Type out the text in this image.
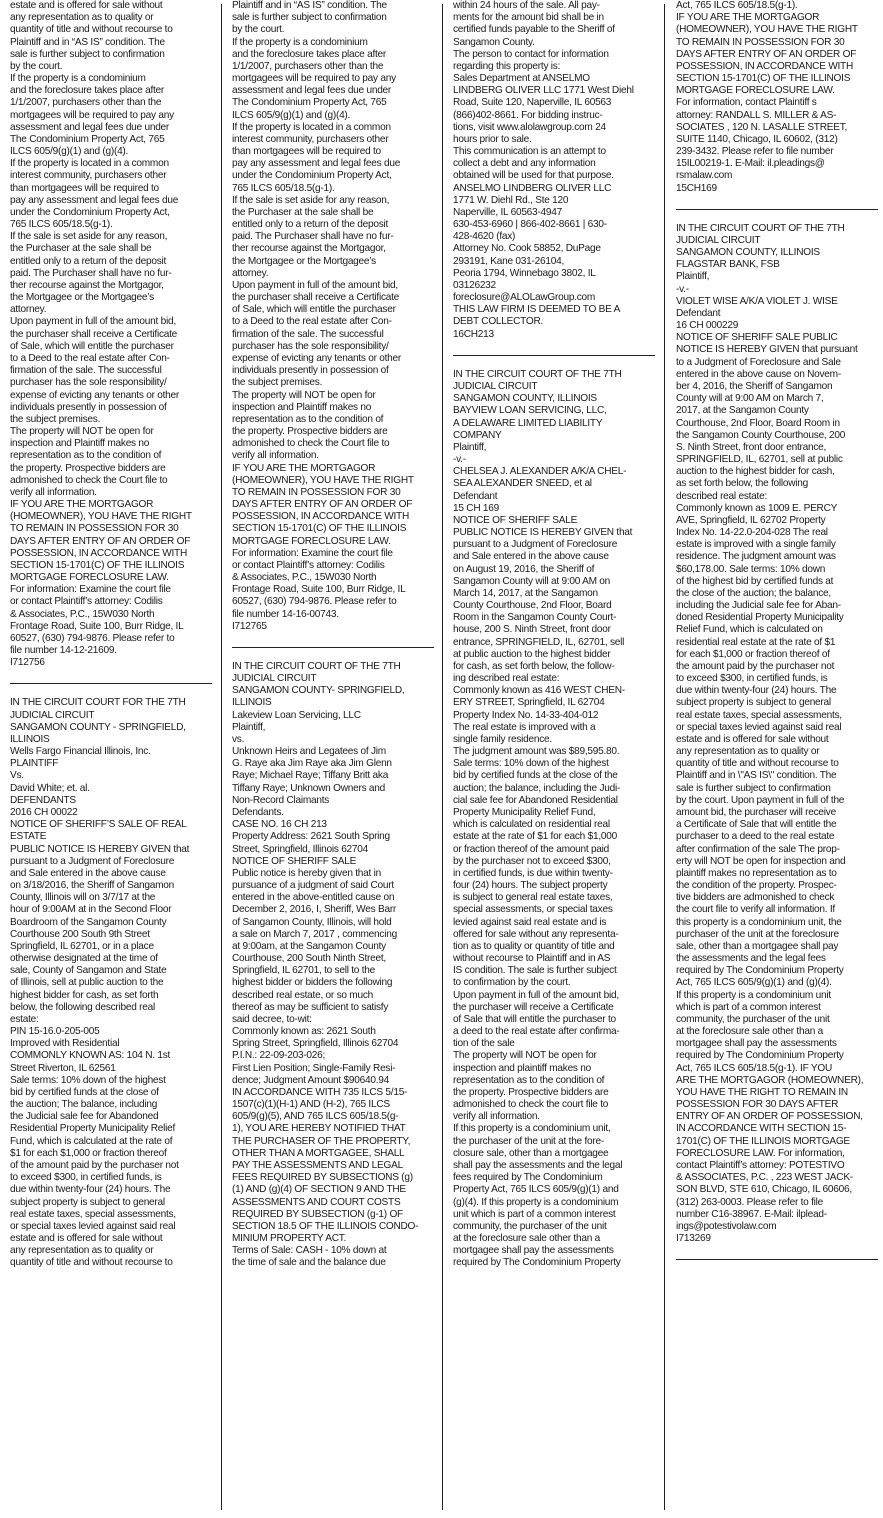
estate and is offered for sale without
any representation as to quality or
quantity of title and without recourse to
Plaintiff and in “AS IS” condition. The
sale is further subject to confirmation
by the court.
If the property is a condominium
and the foreclosure takes place after
1/1/2007, purchasers other than the
mortgagees will be required to pay any
assessment and legal fees due under
The Condominium Property Act, 765
ILCS 605/9(g)(1) and (g)(4).
If the property is located in a common
interest community, purchasers other
than mortgagees will be required to
pay any assessment and legal fees due
under the Condominium Property Act,
765 ILCS 605/18.5(g-1).
If the sale is set aside for any reason,
the Purchaser at the sale shall be
entitled only to a return of the deposit
paid. The Purchaser shall have no fur-
ther recourse against the Mortgagor,
the Mortgagee or the Mortgagee’s
attorney.
Upon payment in full of the amount bid,
the purchaser shall receive a Certificate
of Sale, which will entitle the purchaser
to a Deed to the real estate after Con-
firmation of the sale. The successful
purchaser has the sole responsibility/
expense of evicting any tenants or other
individuals presently in possession of
the subject premises.
The property will NOT be open for
inspection and Plaintiff makes no
representation as to the condition of
the property. Prospective bidders are
admonished to check the Court file to
verify all information.
IF YOU ARE THE MORTGAGOR
(HOMEOWNER), YOU HAVE THE RIGHT
TO REMAIN IN POSSESSION FOR 30
DAYS AFTER ENTRY OF AN ORDER OF
POSSESSION, IN ACCORDANCE WITH
SECTION 15-1701(C) OF THE ILLINOIS
MORTGAGE FORECLOSURE LAW.
For information: Examine the court file
or contact Plaintiff’s attorney: Codilis
& Associates, P.C., 15W030 North
Frontage Road, Suite 100, Burr Ridge, IL
60527, (630) 794-9876. Please refer to
file number 14-12-21609.
I712756
IN THE CIRCUIT COURT FOR THE 7TH
JUDICIAL CIRCUIT
SANGAMON COUNTY - SPRINGFIELD,
ILLINOIS
Wells Fargo Financial Illinois, Inc.
PLAINTIFF
Vs.
David White; et. al.
DEFENDANTS
2016 CH 00022
NOTICE OF SHERIFF’S SALE OF REAL
ESTATE
PUBLIC NOTICE IS HEREBY GIVEN that
pursuant to a Judgment of Foreclosure
and Sale entered in the above cause
on 3/18/2016, the Sheriff of Sangamon
County, Illinois will on 3/7/17 at the
hour of 9:00AM at in the Second Floor
Boardroom of the Sangamon County
Courthouse 200 South 9th Street
Springfield, IL 62701, or in a place
otherwise designated at the time of
sale, County of Sangamon and State
of Illinois, sell at public auction to the
highest bidder for cash, as set forth
below, the following described real
estate:
PIN 15-16.0-205-005
Improved with Residential
COMMONLY KNOWN AS: 104 N. 1st
Street Riverton, IL 62561
Sale terms: 10% down of the highest
bid by certified funds at the close of
the auction; The balance, including
the Judicial sale fee for Abandoned
Residential Property Municipality Relief
Fund, which is calculated at the rate of
$1 for each $1,000 or fraction thereof
of the amount paid by the purchaser not
to exceed $300, in certified funds, is
due within twenty-four (24) hours. The
subject property is subject to general
real estate taxes, special assessments,
or special taxes levied against said real
estate and is offered for sale without
any representation as to quality or
quantity of title and without recourse to
Plaintiff and in “AS IS” condition. The
sale is further subject to confirmation
by the court.
If the property is a condominium
and the foreclosure takes place after
1/1/2007, purchasers other than the
mortgagees will be required to pay any
assessment and legal fees due under
The Condominium Property Act, 765
ILCS 605/9(g)(1) and (g)(4).
If the property is located in a common
interest community, purchasers other
than mortgagees will be required to
pay any assessment and legal fees due
under the Condominium Property Act,
765 ILCS 605/18.5(g-1).
If the sale is set aside for any reason,
the Purchaser at the sale shall be
entitled only to a return of the deposit
paid. The Purchaser shall have no fur-
ther recourse against the Mortgagor,
the Mortgagee or the Mortgagee’s
attorney.
Upon payment in full of the amount bid,
the purchaser shall receive a Certificate
of Sale, which will entitle the purchaser
to a Deed to the real estate after Con-
firmation of the sale. The successful
purchaser has the sole responsibility/
expense of evicting any tenants or other
individuals presently in possession of
the subject premises.
The property will NOT be open for
inspection and Plaintiff makes no
representation as to the condition of
the property. Prospective bidders are
admonished to check the Court file to
verify all information.
IF YOU ARE THE MORTGAGOR
(HOMEOWNER), YOU HAVE THE RIGHT
TO REMAIN IN POSSESSION FOR 30
DAYS AFTER ENTRY OF AN ORDER OF
POSSESSION, IN ACCORDANCE WITH
SECTION 15-1701(C) OF THE ILLINOIS
MORTGAGE FORECLOSURE LAW.
For information: Examine the court file
or contact Plaintiff’s attorney: Codilis
& Associates, P.C., 15W030 North
Frontage Road, Suite 100, Burr Ridge, IL
60527, (630) 794-9876. Please refer to
file number 14-16-00743.
I712765
IN THE CIRCUIT COURT OF THE 7TH
JUDICIAL CIRCUIT
SANGAMON COUNTY- SPRINGFIELD,
ILLINOIS
Lakeview Loan Servicing, LLC
Plaintiff,
vs.
Unknown Heirs and Legatees of Jim
G. Raye aka Jim Raye aka Jim Glenn
Raye; Michael Raye; Tiffany Britt aka
Tiffany Raye; Unknown Owners and
Non-Record Claimants
Defendants.
CASE NO. 16 CH 213
Property Address: 2621 South Spring
Street, Springfield, Illinois 62704
NOTICE OF SHERIFF SALE
Public notice is hereby given that in
pursuance of a judgment of said Court
entered in the above-entitled cause on
December 2, 2016, I, Sheriff, Wes Barr
of Sangamon County, Illinois, will hold
a sale on March 7, 2017 , commencing
at 9:00am, at the Sangamon County
Courthouse, 200 South Ninth Street,
Springfield, IL 62701, to sell to the
highest bidder or bidders the following
described real estate, or so much
thereof as may be sufficient to satisfy
said decree, to-wit:
Commonly known as: 2621 South
Spring Street, Springfield, Illinois 62704
P.I.N.: 22-09-203-026;
First Lien Position; Single-Family Resi-
dence; Judgment Amount $90640.94
IN ACCORDANCE WITH 735 ILCS 5/15-
1507(c)(1)(H-1) AND (H-2), 765 ILCS
605/9(g)(5), AND 765 ILCS 605/18.5(g-
1), YOU ARE HEREBY NOTIFIED THAT
THE PURCHASER OF THE PROPERTY,
OTHER THAN A MORTGAGEE, SHALL
PAY THE ASSESSMENTS AND LEGAL
FEES REQUIRED BY SUBSECTIONS (g)
(1) AND (g)(4) OF SECTION 9 AND THE
ASSESSMENTS AND COURT COSTS
REQUIRED BY SUBSECTION (g-1) OF
SECTION 18.5 OF THE ILLINOIS CONDO-
MINIUM PROPERTY ACT.
Terms of Sale: CASH - 10% down at
the time of sale and the balance due
within 24 hours of the sale. All pay-
ments for the amount bid shall be in
certified funds payable to the Sheriff of
Sangamon County.
The person to contact for information
regarding this property is:
Sales Department at ANSELMO
LINDBERG OLIVER LLC 1771 West Diehl
Road, Suite 120, Naperville, IL 60563
(866)402-8661. For bidding instruc-
tions, visit www.alolawgroup.com 24
hours prior to sale.
This communication is an attempt to
collect a debt and any information
obtained will be used for that purpose.
ANSELMO LINDBERG OLIVER LLC
1771 W. Diehl Rd., Ste 120
Naperville, IL 60563-4947
630-453-6960 | 866-402-8661 | 630-
428-4620 (fax)
Attorney No. Cook 58852, DuPage
293191, Kane 031-26104,
Peoria 1794, Winnebago 3802, IL
03126232
foreclosure@ALOLawGroup.com
THIS LAW FIRM IS DEEMED TO BE A
DEBT COLLECTOR.
16CH213
IN THE CIRCUIT COURT OF THE 7TH
JUDICIAL CIRCUIT
SANGAMON COUNTY, ILLINOIS
BAYVIEW LOAN SERVICING, LLC,
A DELAWARE LIMITED LIABILITY
COMPANY
Plaintiff,
-v.-
CHELSEA J. ALEXANDER A/K/A CHEL-
SEA ALEXANDER SNEED, et al
Defendant
15 CH 169
NOTICE OF SHERIFF SALE
PUBLIC NOTICE IS HEREBY GIVEN that
pursuant to a Judgment of Foreclosure
and Sale entered in the above cause
on August 19, 2016, the Sheriff of
Sangamon County will at 9:00 AM on
March 14, 2017, at the Sangamon
County Courthouse, 2nd Floor, Board
Room in the Sangamon County Court-
house, 200 S. Ninth Street, front door
entrance, SPRINGFIELD, IL, 62701, sell
at public auction to the highest bidder
for cash, as set forth below, the follow-
ing described real estate:
Commonly known as 416 WEST CHEN-
ERY STREET, Springfield, IL 62704
Property Index No. 14-33-404-012
The real estate is improved with a
single family residence.
The judgment amount was $89,595.80.
Sale terms: 10% down of the highest
bid by certified funds at the close of the
auction; the balance, including the Judi-
cial sale fee for Abandoned Residential
Property Municipality Relief Fund,
which is calculated on residential real
estate at the rate of $1 for each $1,000
or fraction thereof of the amount paid
by the purchaser not to exceed $300,
in certified funds, is due within twenty-
four (24) hours. The subject property
is subject to general real estate taxes,
special assessments, or special taxes
levied against said real estate and is
offered for sale without any representa-
tion as to quality or quantity of title and
without recourse to Plaintiff and in AS
IS condition. The sale is further subject
to confirmation by the court.
Upon payment in full of the amount bid,
the purchaser will receive a Certificate
of Sale that will entitle the purchaser to
a deed to the real estate after confirma-
tion of the sale
The property will NOT be open for
inspection and plaintiff makes no
representation as to the condition of
the property. Prospective bidders are
admonished to check the court file to
verify all information.
If this property is a condominium unit,
the purchaser of the unit at the fore-
closure sale, other than a mortgagee
shall pay the assessments and the legal
fees required by The Condominium
Property Act, 765 ILCS 605/9(g)(1) and
(g)(4). If this property is a condominium
unit which is part of a common interest
community, the purchaser of the unit
at the foreclosure sale other than a
mortgagee shall pay the assessments
required by The Condominium Property
Act, 765 ILCS 605/18.5(g-1).
IF YOU ARE THE MORTGAGOR
(HOMEOWNER), YOU HAVE THE RIGHT
TO REMAIN IN POSSESSION FOR 30
DAYS AFTER ENTRY OF AN ORDER OF
POSSESSION, IN ACCORDANCE WITH
SECTION 15-1701(C) OF THE ILLINOIS
MORTGAGE FORECLOSURE LAW.
For information, contact Plaintiff s
attorney: RANDALL S. MILLER & AS-
SOCIATES , 120 N. LASALLE STREET,
SUITE 1140, Chicago, IL 60602, (312)
239-3432. Please refer to file number
15IL00219-1. E-Mail: il.pleadings@
rsmalaw.com
15CH169
IN THE CIRCUIT COURT OF THE 7TH
JUDICIAL CIRCUIT
SANGAMON COUNTY, ILLINOIS
FLAGSTAR BANK, FSB
Plaintiff,
-v.-
VIOLET WISE A/K/A VIOLET J. WISE
Defendant
16 CH 000229
NOTICE OF SHERIFF SALE PUBLIC
NOTICE IS HEREBY GIVEN that pursuant
to a Judgment of Foreclosure and Sale
entered in the above cause on Novem-
ber 4, 2016, the Sheriff of Sangamon
County will at 9:00 AM on March 7,
2017, at the Sangamon County
Courthouse, 2nd Floor, Board Room in
the Sangamon County Courthouse, 200
S. Ninth Street, front door entrance,
SPRINGFIELD, IL, 62701, sell at public
auction to the highest bidder for cash,
as set forth below, the following
described real estate:
Commonly known as 1009 E. PERCY
AVE, Springfield, IL 62702 Property
Index No. 14-22.0-204-028 The real
estate is improved with a single family
residence. The judgment amount was
$60,178.00. Sale terms: 10% down
of the highest bid by certified funds at
the close of the auction; the balance,
including the Judicial sale fee for Aban-
doned Residential Property Municipality
Relief Fund, which is calculated on
residential real estate at the rate of $1
for each $1,000 or fraction thereof of
the amount paid by the purchaser not
to exceed $300, in certified funds, is
due within twenty-four (24) hours. The
subject property is subject to general
real estate taxes, special assessments,
or special taxes levied against said real
estate and is offered for sale without
any representation as to quality or
quantity of title and without recourse to
Plaintiff and in \"AS IS\" condition. The
sale is further subject to confirmation
by the court. Upon payment in full of the
amount bid, the purchaser will receive
a Certificate of Sale that will entitle the
purchaser to a deed to the real estate
after confirmation of the sale The prop-
erty will NOT be open for inspection and
plaintiff makes no representation as to
the condition of the property. Prospec-
tive bidders are admonished to check
the court file to verify all information. If
this property is a condominium unit, the
purchaser of the unit at the foreclosure
sale, other than a mortgagee shall pay
the assessments and the legal fees
required by The Condominium Property
Act, 765 ILCS 605/9(g)(1) and (g)(4).
If this property is a condominium unit
which is part of a common interest
community, the purchaser of the unit
at the foreclosure sale other than a
mortgagee shall pay the assessments
required by The Condominium Property
Act, 765 ILCS 605/18.5(g-1). IF YOU
ARE THE MORTGAGOR (HOMEOWNER),
YOU HAVE THE RIGHT TO REMAIN IN
POSSESSION FOR 30 DAYS AFTER
ENTRY OF AN ORDER OF POSSESSION,
IN ACCORDANCE WITH SECTION 15-
1701(C) OF THE ILLINOIS MORTGAGE
FORECLOSURE LAW. For information,
contact Plaintiff’s attorney: POTESTIVO
& ASSOCIATES, P.C. , 223 WEST JACK-
SON BLVD, STE 610, Chicago, IL 60606,
(312) 263-0003. Please refer to file
number C16-38967. E-Mail: ilplead-
ings@potestivolaw.com
I713269
